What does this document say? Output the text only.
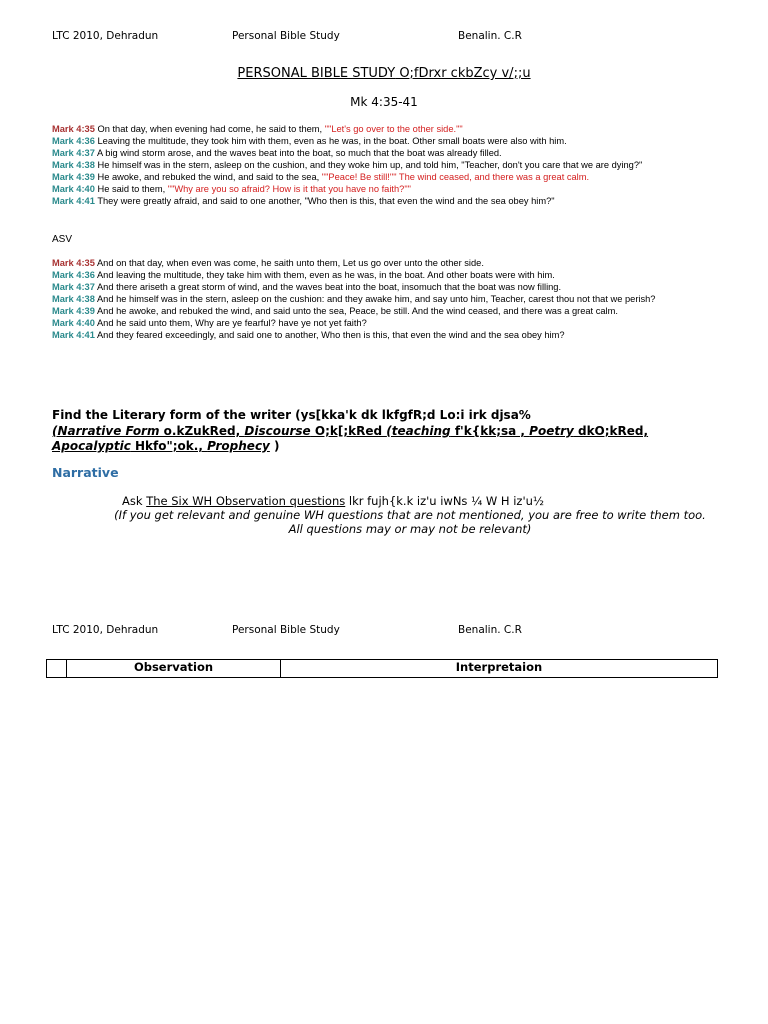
LTC 2010, Dehradun	Personal Bible Study	Benalin. C.R
PERSONAL BIBLE STUDY O;fDrxr ckbZcy v/;;u
Mk 4:35-41
Mark 4:35 On that day, when evening had come, he said to them, ""Let's go over to the other side.""
Mark 4:36 Leaving the multitude, they took him with them, even as he was, in the boat. Other small boats were also with him.
Mark 4:37 A big wind storm arose, and the waves beat into the boat, so much that the boat was already filled.
Mark 4:38 He himself was in the stern, asleep on the cushion, and they woke him up, and told him, "Teacher, don't you care that we are dying?"
Mark 4:39 He awoke, and rebuked the wind, and said to the sea, ""Peace! Be still!"" The wind ceased, and there was a great calm.
Mark 4:40 He said to them, ""Why are you so afraid? How is it that you have no faith?""
Mark 4:41 They were greatly afraid, and said to one another, "Who then is this, that even the wind and the sea obey him?"
ASV
Mark 4:35 And on that day, when even was come, he saith unto them, Let us go over unto the other side.
Mark 4:36 And leaving the multitude, they take him with them, even as he was, in the boat. And other boats were with him.
Mark 4:37 And there ariseth a great storm of wind, and the waves beat into the boat, insomuch that the boat was now filling.
Mark 4:38 And he himself was in the stern, asleep on the cushion: and they awake him, and say unto him, Teacher, carest thou not that we perish?
Mark 4:39 And he awoke, and rebuked the wind, and said unto the sea, Peace, be still. And the wind ceased, and there was a great calm.
Mark 4:40 And he said unto them, Why are ye fearful? have ye not yet faith?
Mark 4:41 And they feared exceedingly, and said one to another, Who then is this, that even the wind and the sea obey him?
Find the Literary form of the writer (ys[kka'k dk lkfgfR;d Lo:i irk djsa%
(Narrative Form o.kZukRed, Discourse O;k[;kRed (teaching f'k{kk;sa , Poetry dkO;kRed,
Apocalyptic Hkfo";ok., Prophecy )
Narrative
Ask The Six WH Observation questions lkr fujh{k.k iz'u iwNs ¼ W H iz'u½
(If you get relevant and genuine WH questions that are not mentioned, you are free to write them too. All questions may or may not be relevant)
LTC 2010, Dehradun	Personal Bible Study	Benalin. C.R
Observation	Interpretaion
